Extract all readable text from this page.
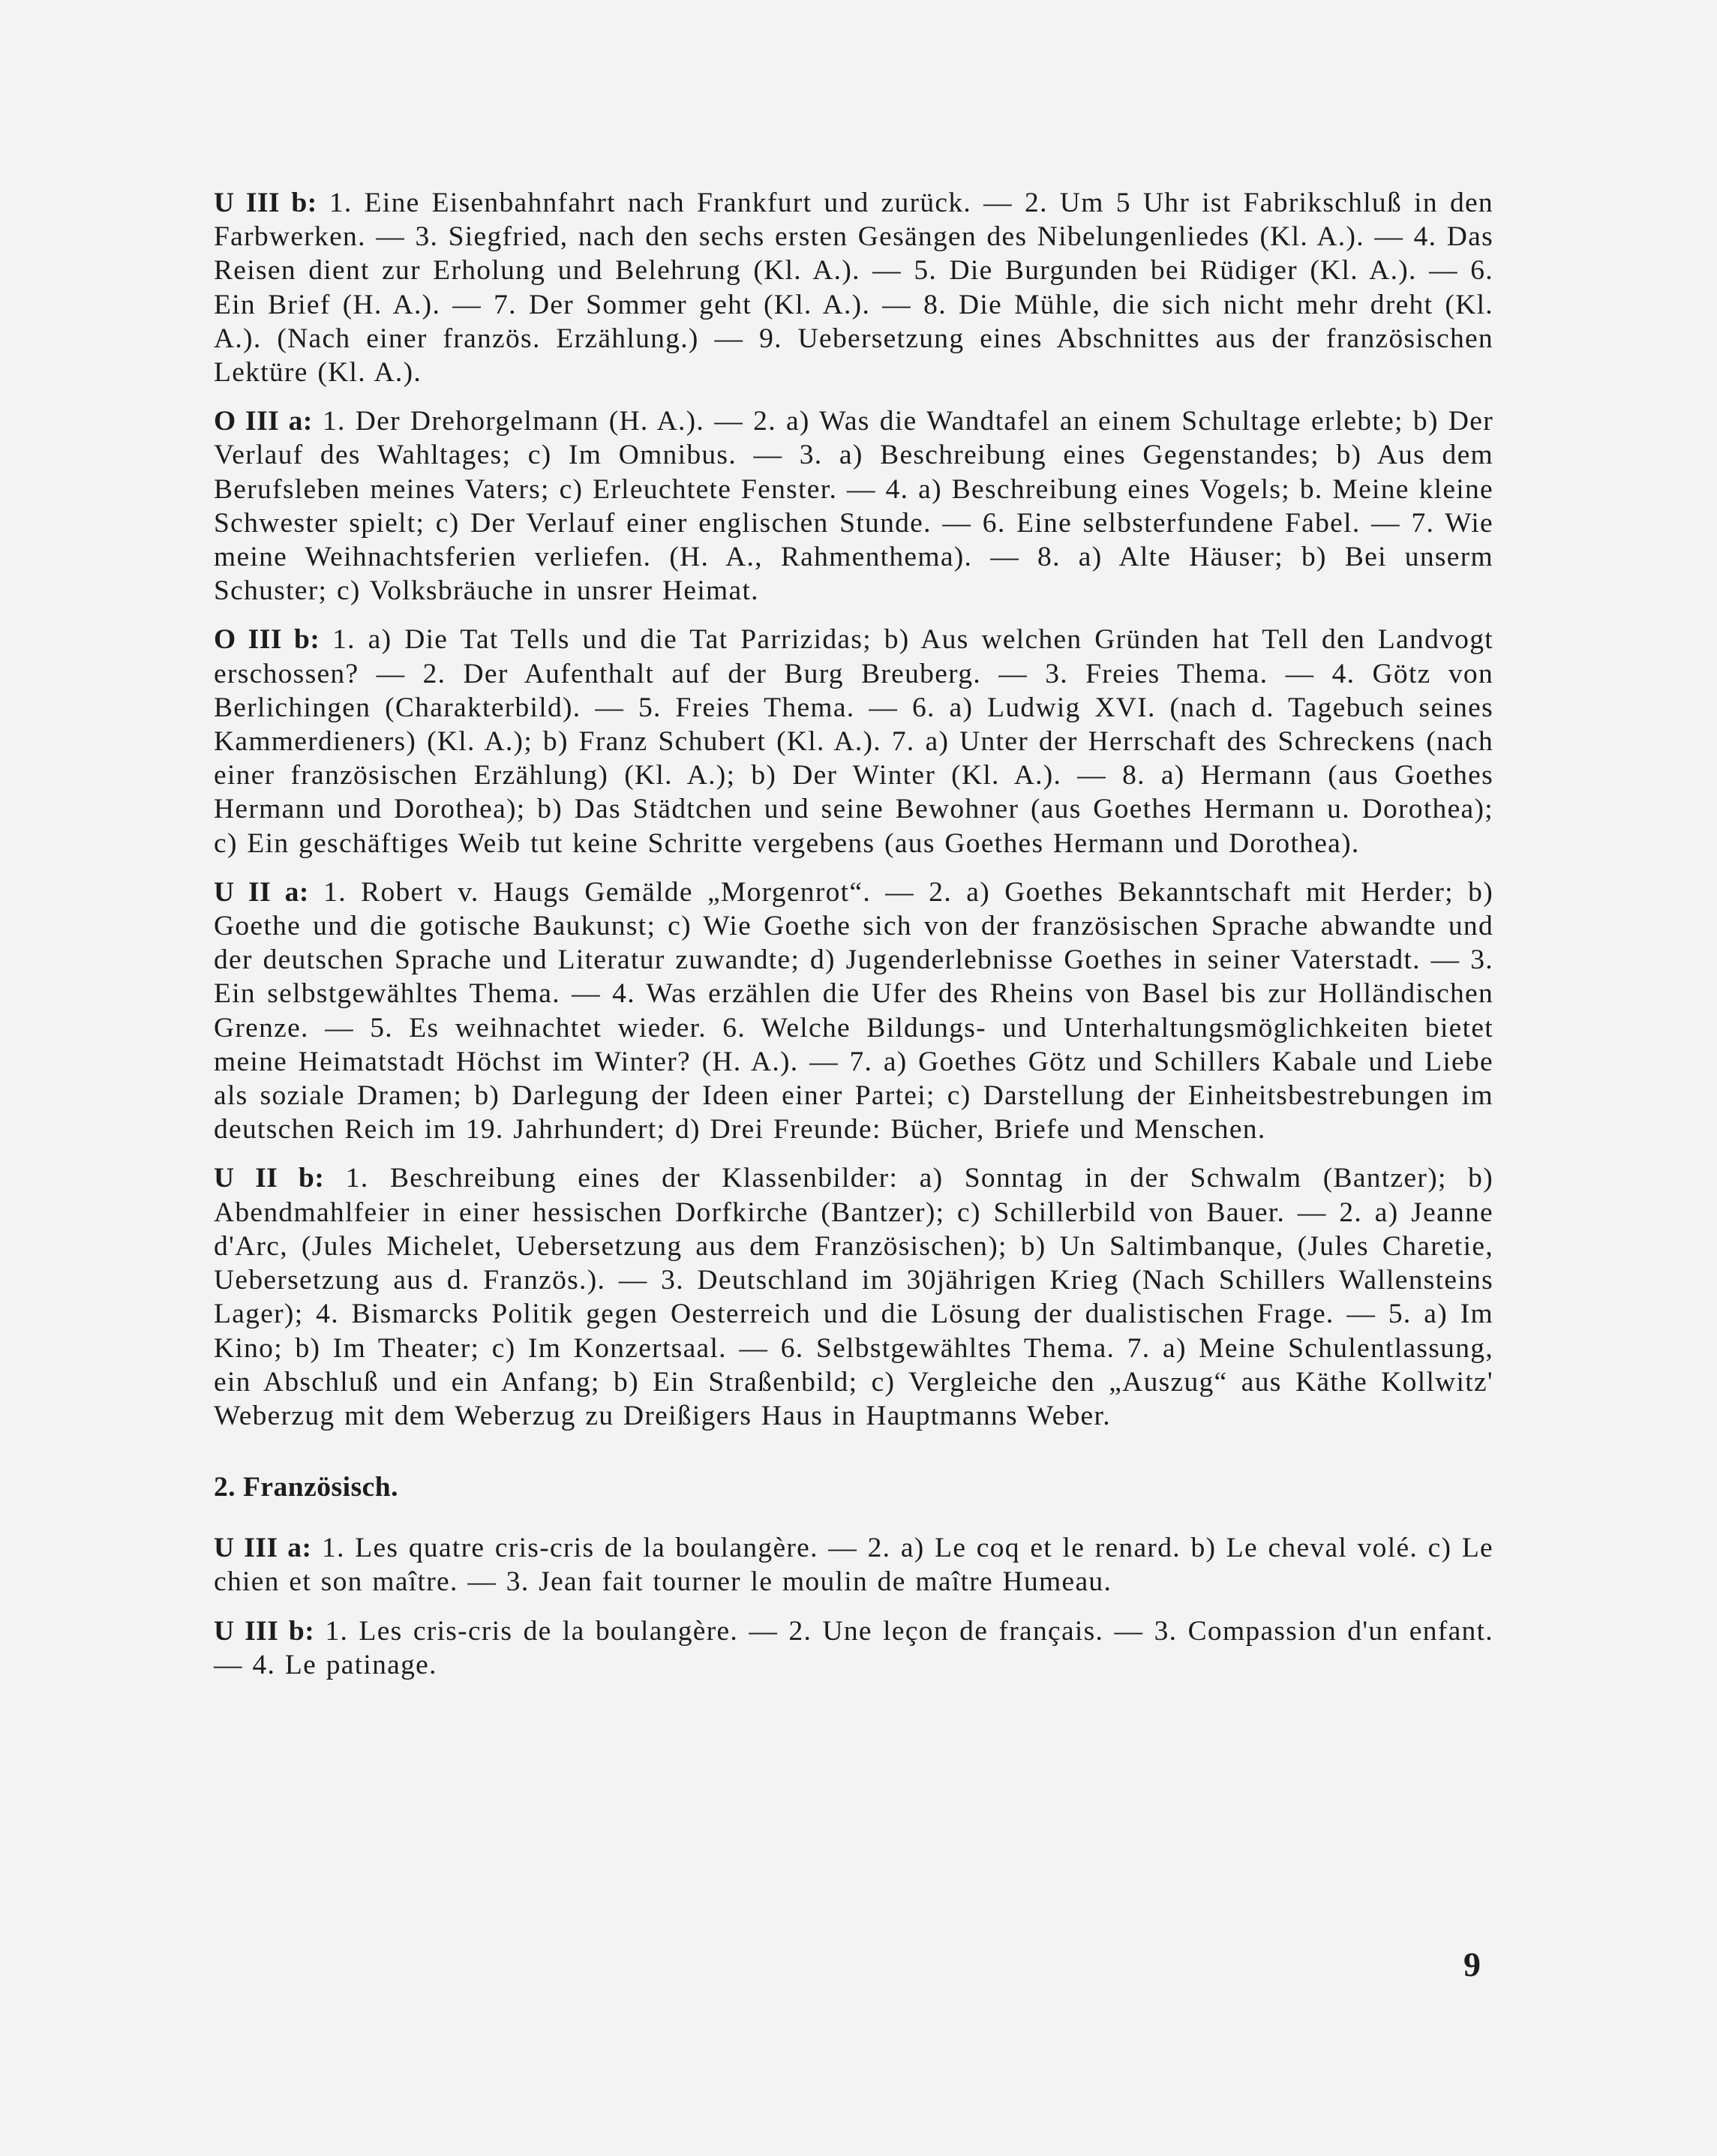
U III b: 1. Eine Eisenbahnfahrt nach Frankfurt und zurück. — 2. Um 5 Uhr ist Fabrikschluß in den Farbwerken. — 3. Siegfried, nach den sechs ersten Gesängen des Nibelungenliedes (Kl. A.). — 4. Das Reisen dient zur Erholung und Belehrung (Kl. A.). — 5. Die Burgunden bei Rüdiger (Kl. A.). — 6. Ein Brief (H. A.). — 7. Der Sommer geht (Kl. A.). — 8. Die Mühle, die sich nicht mehr dreht (Kl. A.). (Nach einer französ. Erzählung.) — 9. Uebersetzung eines Abschnittes aus der französischen Lektüre (Kl. A.).

O III a: 1. Der Drehorgelmann (H. A.). — 2. a) Was die Wandtafel an einem Schultage erlebte; b) Der Verlauf des Wahltages; c) Im Omnibus. — 3. a) Beschreibung eines Gegenstandes; b) Aus dem Berufsleben meines Vaters; c) Erleuchtete Fenster. — 4. a) Beschreibung eines Vogels; b. Meine kleine Schwester spielt; c) Der Verlauf einer englischen Stunde. — 6. Eine selbsterfundene Fabel. — 7. Wie meine Weihnachtsferien verliefen. (H. A., Rahmenthema). — 8. a) Alte Häuser; b) Bei unserm Schuster; c) Volksbräuche in unsrer Heimat.

O III b: 1. a) Die Tat Tells und die Tat Parrizidas; b) Aus welchen Gründen hat Tell den Landvogt erschossen? — 2. Der Aufenthalt auf der Burg Breuberg. — 3. Freies Thema. — 4. Götz von Berlichingen (Charakterbild). — 5. Freies Thema. — 6. a) Ludwig XVI. (nach d. Tagebuch seines Kammerdieners) (Kl. A.); b) Franz Schubert (Kl. A.). 7. a) Unter der Herrschaft des Schreckens (nach einer französischen Erzählung) (Kl. A.); b) Der Winter (Kl. A.). — 8. a) Hermann (aus Goethes Hermann und Dorothea); b) Das Städtchen und seine Bewohner (aus Goethes Hermann u. Dorothea); c) Ein geschäftiges Weib tut keine Schritte vergebens (aus Goethes Hermann und Dorothea).

U II a: 1. Robert v. Haugs Gemälde „Morgenrot“. — 2. a) Goethes Bekanntschaft mit Herder; b) Goethe und die gotische Baukunst; c) Wie Goethe sich von der französischen Sprache abwandte und der deutschen Sprache und Literatur zuwandte; d) Jugenderlebnisse Goethes in seiner Vaterstadt. — 3. Ein selbstgewähltes Thema. — 4. Was erzählen die Ufer des Rheins von Basel bis zur Holländischen Grenze. — 5. Es weihnachtet wieder. 6. Welche Bildungs- und Unterhaltungsmöglichkeiten bietet meine Heimatstadt Höchst im Winter? (H. A.). — 7. a) Goethes Götz und Schillers Kabale und Liebe als soziale Dramen; b) Darlegung der Ideen einer Partei; c) Darstellung der Einheitsbestrebungen im deutschen Reich im 19. Jahrhundert; d) Drei Freunde: Bücher, Briefe und Menschen.

U II b: 1. Beschreibung eines der Klassenbilder: a) Sonntag in der Schwalm (Bantzer); b) Abendmahlfeier in einer hessischen Dorfkirche (Bantzer); c) Schillerbild von Bauer. — 2. a) Jeanne d'Arc, (Jules Michelet, Uebersetzung aus dem Französischen); b) Un Saltimbanque, (Jules Charetie, Uebersetzung aus d. Französ.). — 3. Deutschland im 30jährigen Krieg (Nach Schillers Wallensteins Lager); 4. Bismarcks Politik gegen Oesterreich und die Lösung der dualistischen Frage. — 5. a) Im Kino; b) Im Theater; c) Im Konzertsaal. — 6. Selbstgewähltes Thema. 7. a) Meine Schulentlassung, ein Abschluß und ein Anfang; b) Ein Straßenbild; c) Vergleiche den „Auszug“ aus Käthe Kollwitz' Weberzug mit dem Weberzug zu Dreißigers Haus in Hauptmanns Weber.

2. Französisch.

U III a: 1. Les quatre cris-cris de la boulangère. — 2. a) Le coq et le renard. b) Le cheval volé. c) Le chien et son maître. — 3. Jean fait tourner le moulin de maître Humeau.

U III b: 1. Les cris-cris de la boulangère. — 2. Une leçon de français. — 3. Compassion d'un enfant. — 4. Le patinage.

9
